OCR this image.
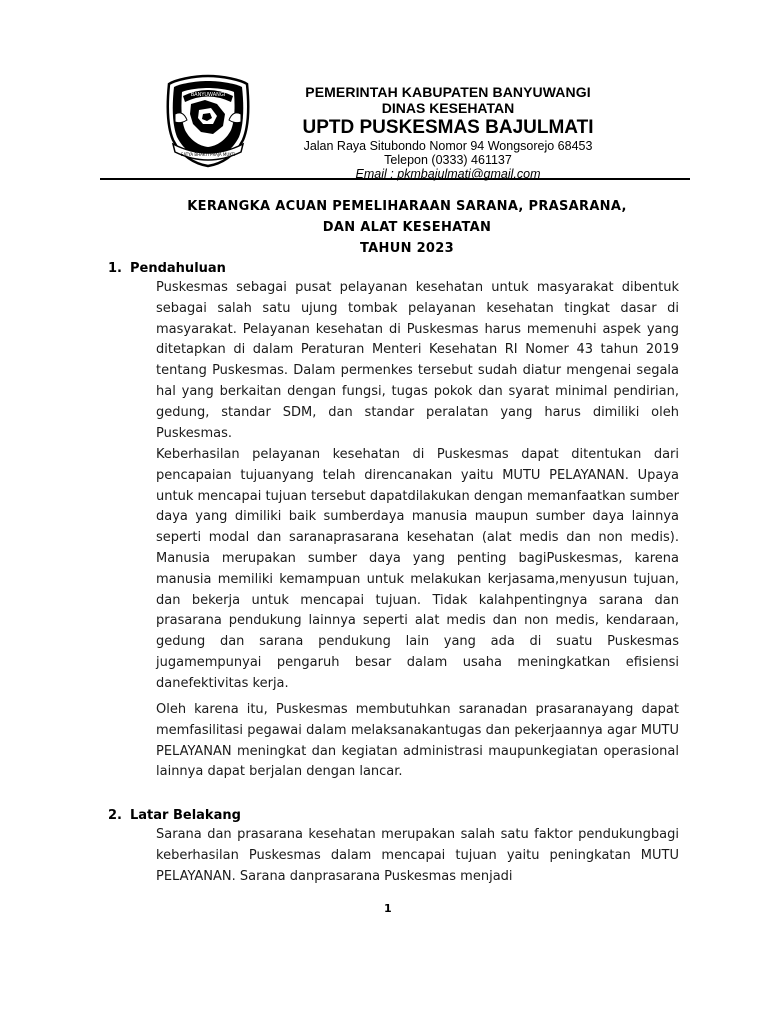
BANYUWANGI
SATYA BHAKTI PRAJA MUKTI
PEMERINTAH KABUPATEN BANYUWANGI
DINAS KESEHATAN
UPTD PUSKESMAS BAJULMATI
Jalan Raya Situbondo Nomor 94 Wongsorejo 68453
Telepon (0333) 461137
Email : pkmbajulmati@gmail.com
KERANGKA ACUAN PEMELIHARAAN SARANA, PRASARANA,
DAN ALAT KESEHATAN
TAHUN 2023
1. Pendahuluan
Puskesmas sebagai pusat pelayanan kesehatan untuk masyarakat dibentuk sebagai salah satu ujung tombak pelayanan kesehatan tingkat dasar di masyarakat. Pelayanan kesehatan di Puskesmas harus memenuhi aspek yang ditetapkan di dalam Peraturan Menteri Kesehatan RI Nomer 43 tahun 2019 tentang Puskesmas. Dalam permenkes tersebut sudah diatur mengenai segala hal yang berkaitan dengan fungsi, tugas pokok dan syarat minimal pendirian, gedung, standar SDM, dan standar peralatan yang harus dimiliki oleh Puskesmas.
Keberhasilan pelayanan kesehatan di Puskesmas dapat ditentukan dari pencapaian tujuanyang telah direncanakan yaitu MUTU PELAYANAN. Upaya untuk mencapai tujuan tersebut dapatdilakukan dengan memanfaatkan sumber daya yang dimiliki baik sumberdaya manusia maupun sumber daya lainnya seperti modal dan saranaprasarana kesehatan (alat medis dan non medis). Manusia merupakan sumber daya yang penting bagiPuskesmas, karena manusia memiliki kemampuan untuk melakukan kerjasama,menyusun tujuan, dan bekerja untuk mencapai tujuan. Tidak kalahpentingnya sarana dan prasarana pendukung lainnya seperti alat medis dan non medis, kendaraan, gedung dan sarana pendukung lain yang ada di suatu Puskesmas jugamempunyai pengaruh besar dalam usaha meningkatkan efisiensi danefektivitas kerja.
Oleh karena itu, Puskesmas membutuhkan saranadan prasaranayang dapat memfasilitasi pegawai dalam melaksanakantugas dan pekerjaannya agar MUTU PELAYANAN meningkat dan kegiatan administrasi maupunkegiatan operasional lainnya dapat berjalan dengan lancar.
2. Latar Belakang
Sarana dan prasarana kesehatan merupakan salah satu faktor pendukungbagi keberhasilan Puskesmas dalam mencapai tujuan yaitu peningkatan MUTU PELAYANAN. Sarana danprasarana Puskesmas menjadi
1
